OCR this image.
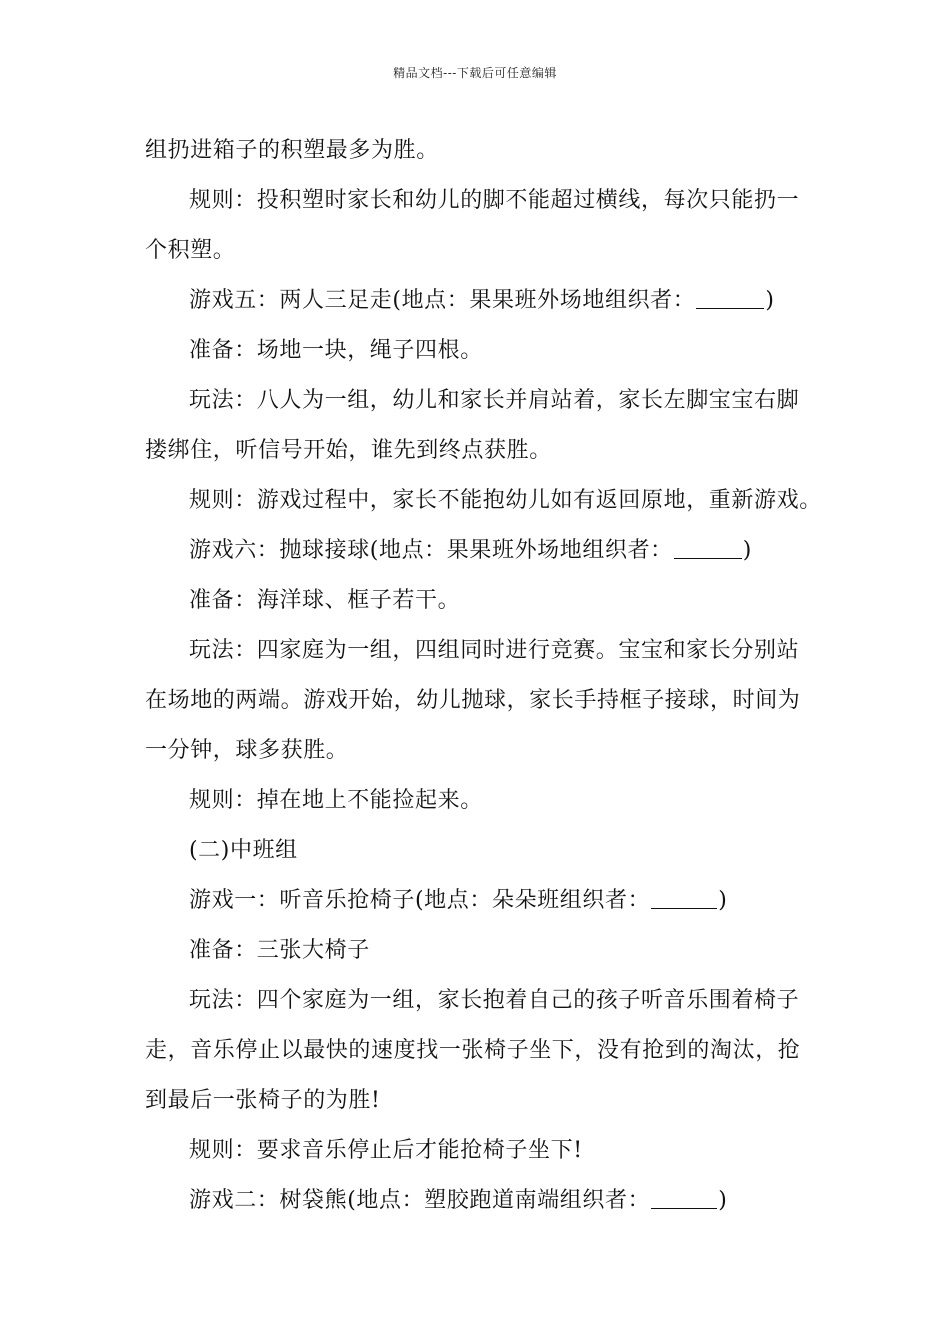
精品文档---下载后可任意编辑
组扔进箱子的积塑最多为胜。
规则：投积塑时家长和幼儿的脚不能超过横线，每次只能扔一
个积塑。
游戏五：两人三足走(地点：果果班外场地组织者：	)
准备：场地一块，绳子四根。
玩法：八人为一组，幼儿和家长并肩站着，家长左脚宝宝右脚
搂绑住，听信号开始，谁先到终点获胜。
规则：游戏过程中，家长不能抱幼儿如有返回原地，重新游戏。
游戏六：抛球接球(地点：果果班外场地组织者：	)
准备：海洋球、框子若干。
玩法：四家庭为一组，四组同时进行竞赛。宝宝和家长分别站
在场地的两端。游戏开始，幼儿抛球，家长手持框子接球，时间为
一分钟，球多获胜。
规则：掉在地上不能捡起来。
(二)中班组
游戏一：听音乐抢椅子(地点：朵朵班组织者：	)
准备：三张大椅子
玩法：四个家庭为一组，家长抱着自己的孩子听音乐围着椅子
走，音乐停止以最快的速度找一张椅子坐下，没有抢到的淘汰，抢
到最后一张椅子的为胜!
规则：要求音乐停止后才能抢椅子坐下!
游戏二：树袋熊(地点：塑胶跑道南端组织者：	)
